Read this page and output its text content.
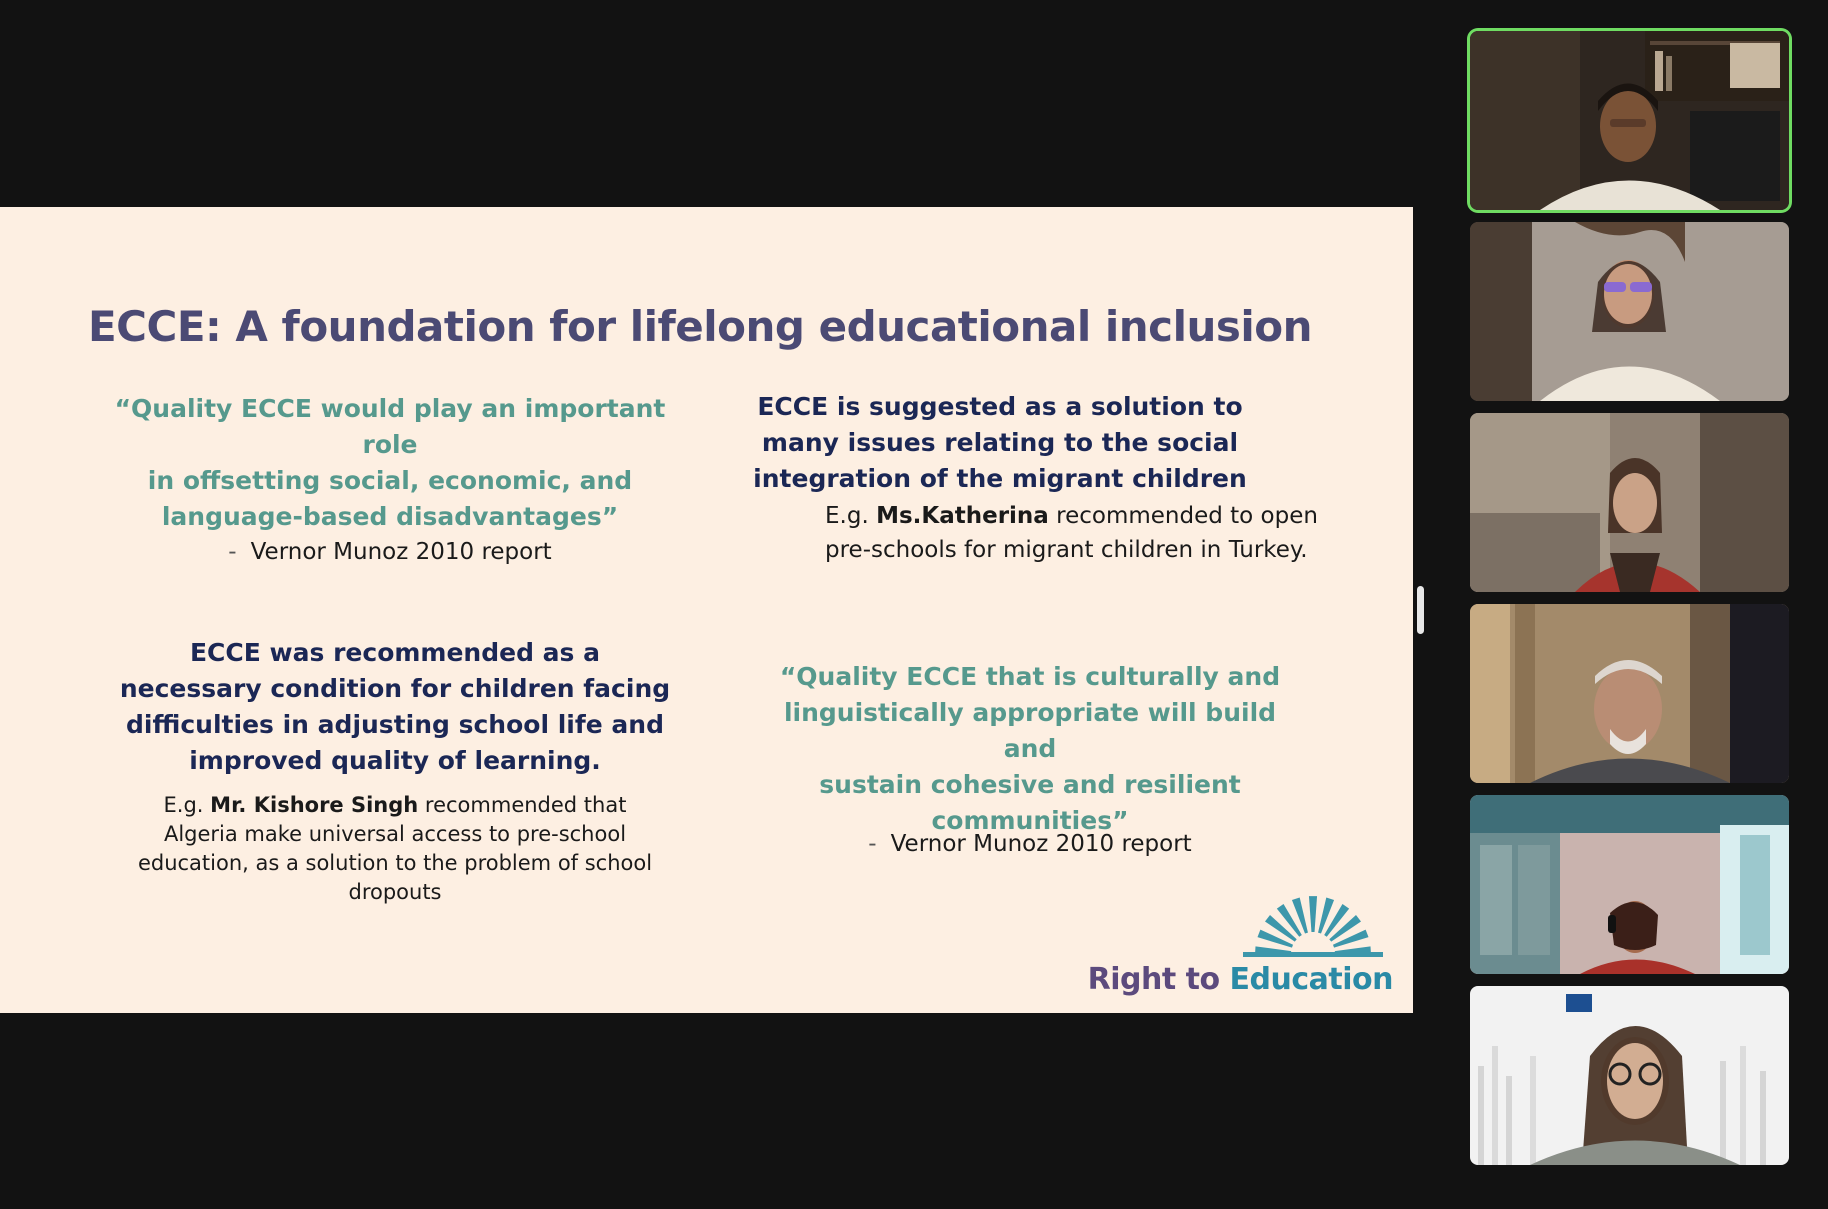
ECCE: A foundation for lifelong educational inclusion
“Quality ECCE would play an important role
in offsetting social, economic, and
language-based disadvantages”
- Vernor Munoz 2010 report
ECCE is suggested as a solution to
many issues relating to the social
integration of the migrant children
E.g. Ms.Katherina recommended to open
pre-schools for migrant children in Turkey.
ECCE was recommended as a
necessary condition for children facing
difficulties in adjusting school life and
improved quality of learning.
E.g. Mr. Kishore Singh recommended that
Algeria make universal access to pre-school
education, as a solution to the problem of school
dropouts
“Quality ECCE that is culturally and
linguistically appropriate will build and
sustain cohesive and resilient
communities”
- Vernor Munoz 2010 report
Right to Education
